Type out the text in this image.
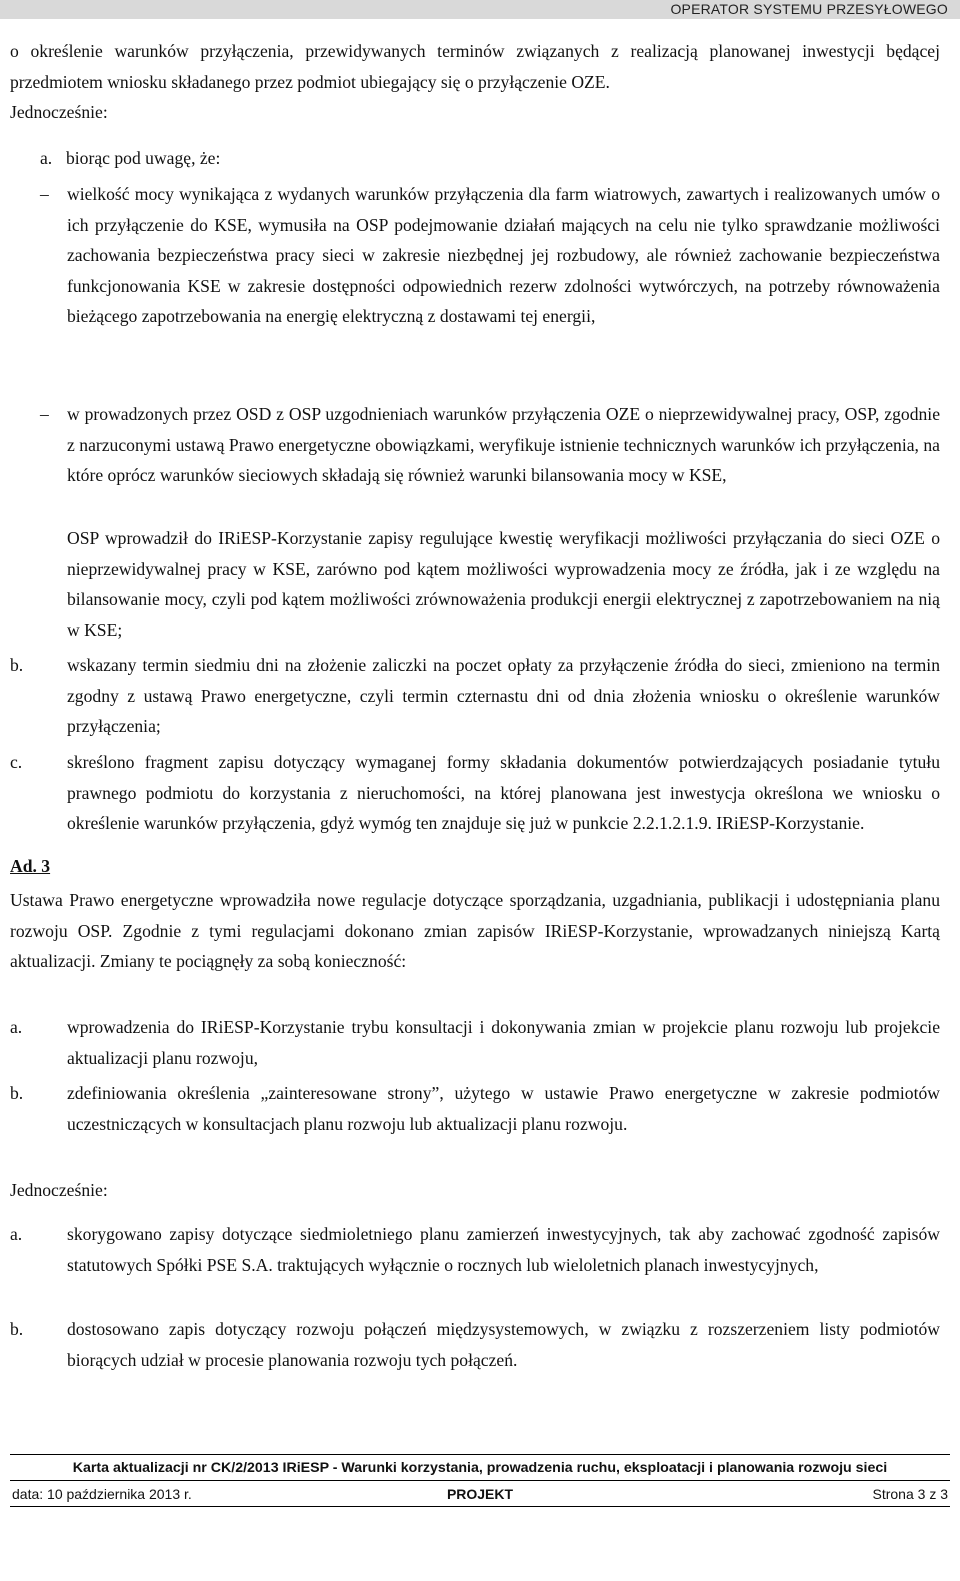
OPERATOR SYSTEMU PRZESYŁOWEGO

o określenie warunków przyłączenia, przewidywanych terminów związanych z realizacją planowanej inwestycji będącej przedmiotem wniosku składanego przez podmiot ubiegający się o przyłączenie OZE.

Jednocześnie:

a. biorąc pod uwagę, że:
–	wielkość mocy wynikająca z wydanych warunków przyłączenia dla farm wiatrowych, zawartych i realizowanych umów o ich przyłączenie do KSE, wymusiła na OSP podejmowanie działań mających na celu nie tylko sprawdzanie możliwości zachowania bezpieczeństwa pracy sieci w zakresie niezbędnej jej rozbudowy, ale również zachowanie bezpieczeństwa funkcjonowania KSE w zakresie dostępności odpowiednich rezerw zdolności wytwórczych, na potrzeby równoważenia bieżącego zapotrzebowania na energię elektryczną z dostawami tej energii,
–	w prowadzonych przez OSD z OSP uzgodnieniach warunków przyłączenia OZE o nieprzewidywalnej pracy, OSP, zgodnie z narzuconymi ustawą Prawo energetyczne obowiązkami, weryfikuje istnienie technicznych warunków ich przyłączenia, na które oprócz warunków sieciowych składają się również warunki bilansowania mocy w KSE,

OSP wprowadził do IRiESP-Korzystanie zapisy regulujące kwestię weryfikacji możliwości przyłączania do sieci OZE o nieprzewidywalnej pracy w KSE, zarówno pod kątem możliwości wyprowadzenia mocy ze źródła, jak i ze względu na bilansowanie mocy, czyli pod kątem możliwości zrównoważenia produkcji energii elektrycznej z zapotrzebowaniem na nią w KSE;

b. wskazany termin siedmiu dni na złożenie zaliczki na poczet opłaty za przyłączenie źródła do sieci, zmieniono na termin zgodny z ustawą Prawo energetyczne, czyli termin czternastu dni od dnia złożenia wniosku o określenie warunków przyłączenia;
c.	skreślono fragment zapisu dotyczący wymaganej formy składania dokumentów potwierdzających posiadanie tytułu prawnego podmiotu do korzystania z nieruchomości, na której planowana jest inwestycja określona we wniosku o określenie warunków przyłączenia, gdyż wymóg ten znajduje się już w punkcie 2.2.1.2.1.9. IRiESP-Korzystanie.
Ad. 3

Ustawa Prawo energetyczne wprowadziła nowe regulacje dotyczące sporządzania, uzgadniania, publikacji i udostępniania planu rozwoju OSP. Zgodnie z tymi regulacjami dokonano zmian zapisów IRiESP-Korzystanie, wprowadzanych niniejszą Kartą aktualizacji. Zmiany te pociągnęły za sobą konieczność:

a.	wprowadzenia do IRiESP-Korzystanie trybu konsultacji i dokonywania zmian w projekcie planu rozwoju lub projekcie aktualizacji planu rozwoju,
b. zdefiniowania określenia „zainteresowane strony”, użytego w ustawie Prawo energetyczne w zakresie podmiotów uczestniczących w konsultacjach planu rozwoju lub aktualizacji planu rozwoju.

Jednocześnie:

a.	skorygowano zapisy dotyczące siedmioletniego planu zamierzeń inwestycyjnych, tak aby zachować zgodność zapisów statutowych Spółki PSE S.A. traktujących wyłącznie o rocznych lub wieloletnich planach inwestycyjnych,
b. dostosowano zapis dotyczący rozwoju połączeń międzysystemowych, w związku z rozszerzeniem listy podmiotów biorących udział w procesie planowania rozwoju tych połączeń.
Karta aktualizacji nr CK/2/2013 IRiESP - Warunki korzystania, prowadzenia ruchu, eksploatacji i planowania rozwoju sieci
data: 10 października 2013 r.	PROJEKT	Strona 3 z 3
